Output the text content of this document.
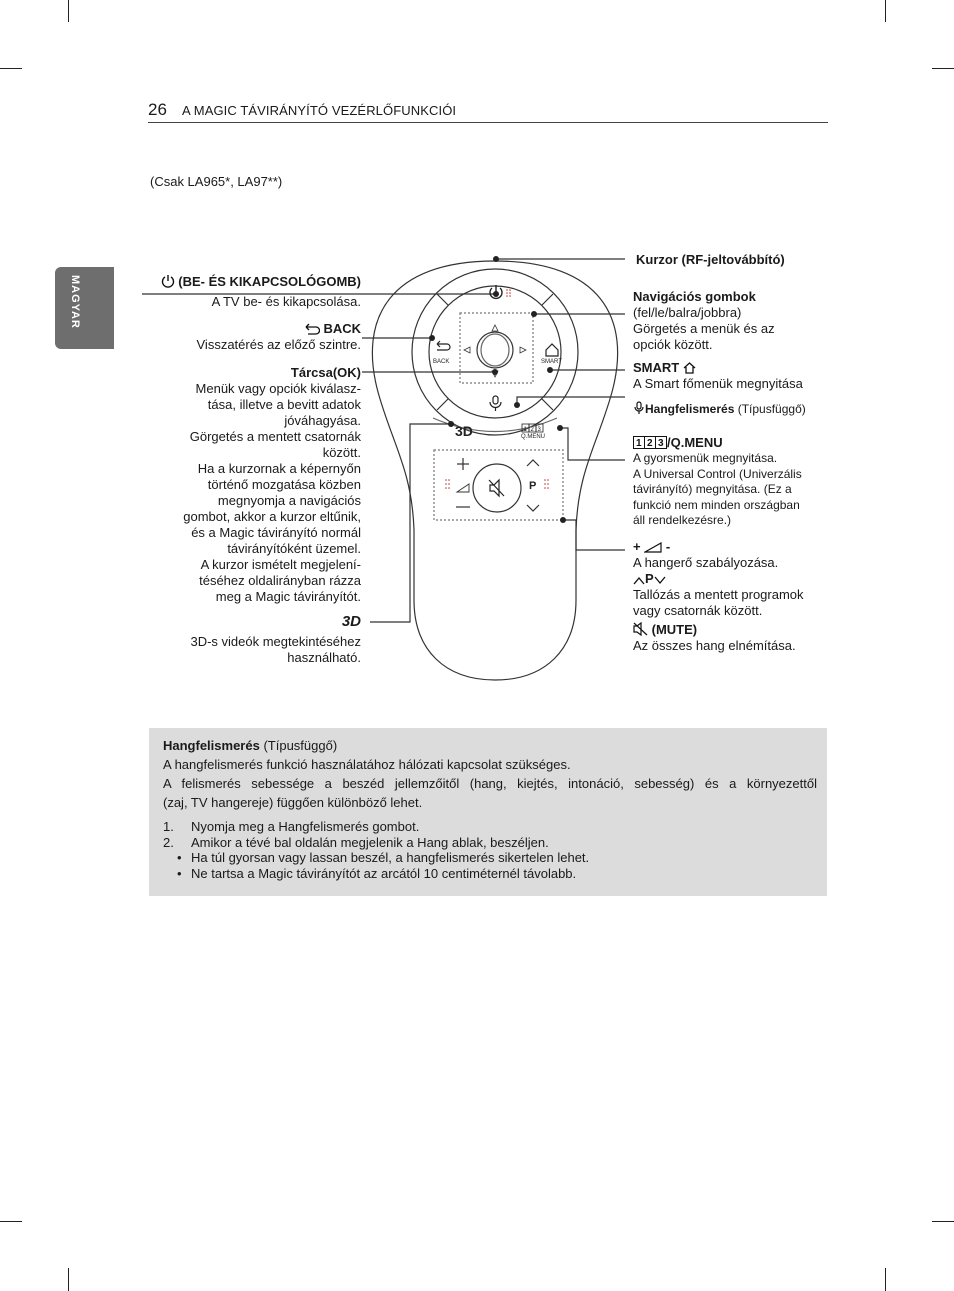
26 A MAGIC TÁVIRÁNYÍTÓ VEZÉRLŐFUNKCIÓI
MAGYAR
(Csak LA965*, LA97**)
3D	1 2 3
Q.MENU
BACK	SMART
P
(BE- ÉS KIKAPCSOLÓGOMB)
A TV be- és kikapcsolása.
BACK
Visszatérés az előző szintre.
Tárcsa(OK)
Menük vagy opciók kiválasz-
tása, illetve a bevitt adatok
jóváhagyása.
Görgetés a mentett csatornák
között.
Ha a kurzornak a képernyőn
történő mozgatása közben
megnyomja a navigációs
gombot, akkor a kurzor eltűnik,
és a Magic távirányító normál
távirányítóként üzemel.
A kurzor ismételt megjelení-
téséhez oldalirányban rázza
meg a Magic távirányítót.
3D
3D-s videók megtekintéséhez
használható.
Kurzor (RF-jeltovábbító)
Navigációs gombok
(fel/le/balra/jobbra)
Görgetés a menük és az
opciók között.
SMART
A Smart főmenük megnyitása
Hangfelismerés (Típusfüggő)
1 2 3 /Q.MENU
A gyorsmenük megnyitása.
A Universal Control (Univerzális
távirányító) megnyitása. (Ez a
funkció nem minden országban
áll rendelkezésre.)
+ -
A hangerő szabályozása.
P
Tallózás a mentett programok
vagy csatornák között.
(MUTE)
Az összes hang elnémítása.

Hangfelismerés (Típusfüggő)

A hangfelismerés funkció használatához hálózati kapcsolat szükséges.

A felismerés sebessége a beszéd jellemzőitől (hang, kiejtés, intonáció, sebesség) és a környezettől

(zaj, TV hangereje) függően különböző lehet.

1.	Nyomja meg a Hangfelismerés gombot.
2.	Amikor a tévé bal oldalán megjelenik a Hang ablak, beszéljen.
• Ha túl gyorsan vagy lassan beszél, a hangfelismerés sikertelen lehet.
• Ne tartsa a Magic távirányítót az arcától 10 centiméternél távolabb.
